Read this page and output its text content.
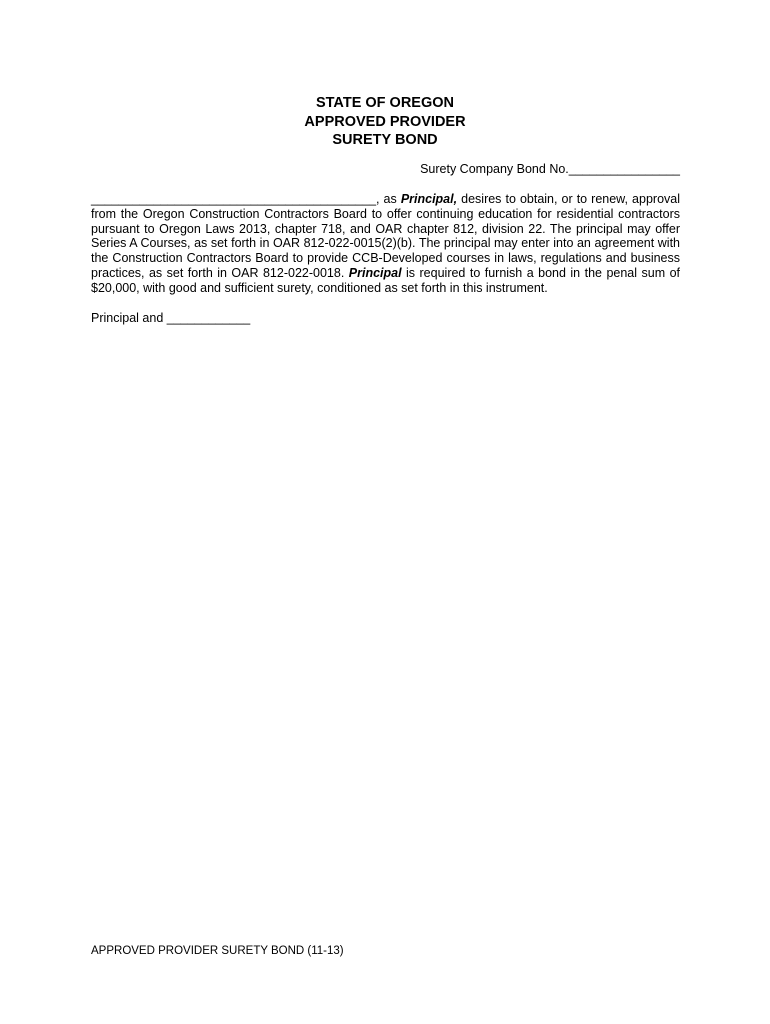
STATE OF OREGON
APPROVED PROVIDER
SURETY BOND
Surety Company Bond No.________________
_________________________________________, as Principal, desires to obtain, or to renew, approval from the Oregon Construction Contractors Board to offer continuing education for residential contractors pursuant to Oregon Laws 2013, chapter 718, and OAR chapter 812, division 22. The principal may offer Series A Courses, as set forth in OAR 812-022-0015(2)(b). The principal may enter into an agreement with the Construction Contractors Board to provide CCB-Developed courses in laws, regulations and business practices, as set forth in OAR 812-022-0018. Principal is required to furnish a bond in the penal sum of $20,000, with good and sufficient surety, conditioned as set forth in this instrument.
Principal and ____________
APPROVED PROVIDER SURETY BOND (11-13)
